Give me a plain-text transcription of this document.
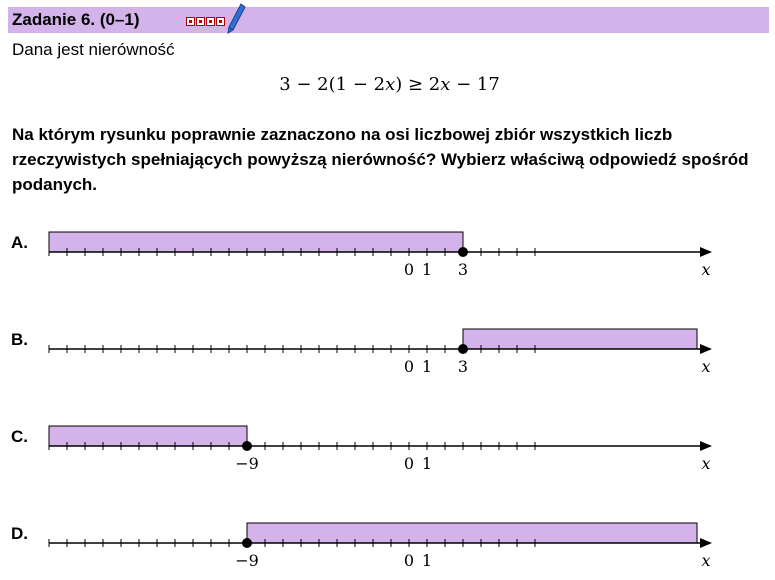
Zadanie 6. (0–1)
Dana jest nierówność
3 − 2(1 − 2𝑥) ≥ 2𝑥 − 17
Na którym rysunku poprawnie zaznaczono na osi liczbowej zbiór wszystkich liczb rzeczywistych spełniających powyższą nierówność? Wybierz właściwą odpowiedź spośród podanych.
A.
0 1 3	𝑥
B.
0 1 3	𝑥
C.
−9	0 1	𝑥
D.
−9	0 1	𝑥
